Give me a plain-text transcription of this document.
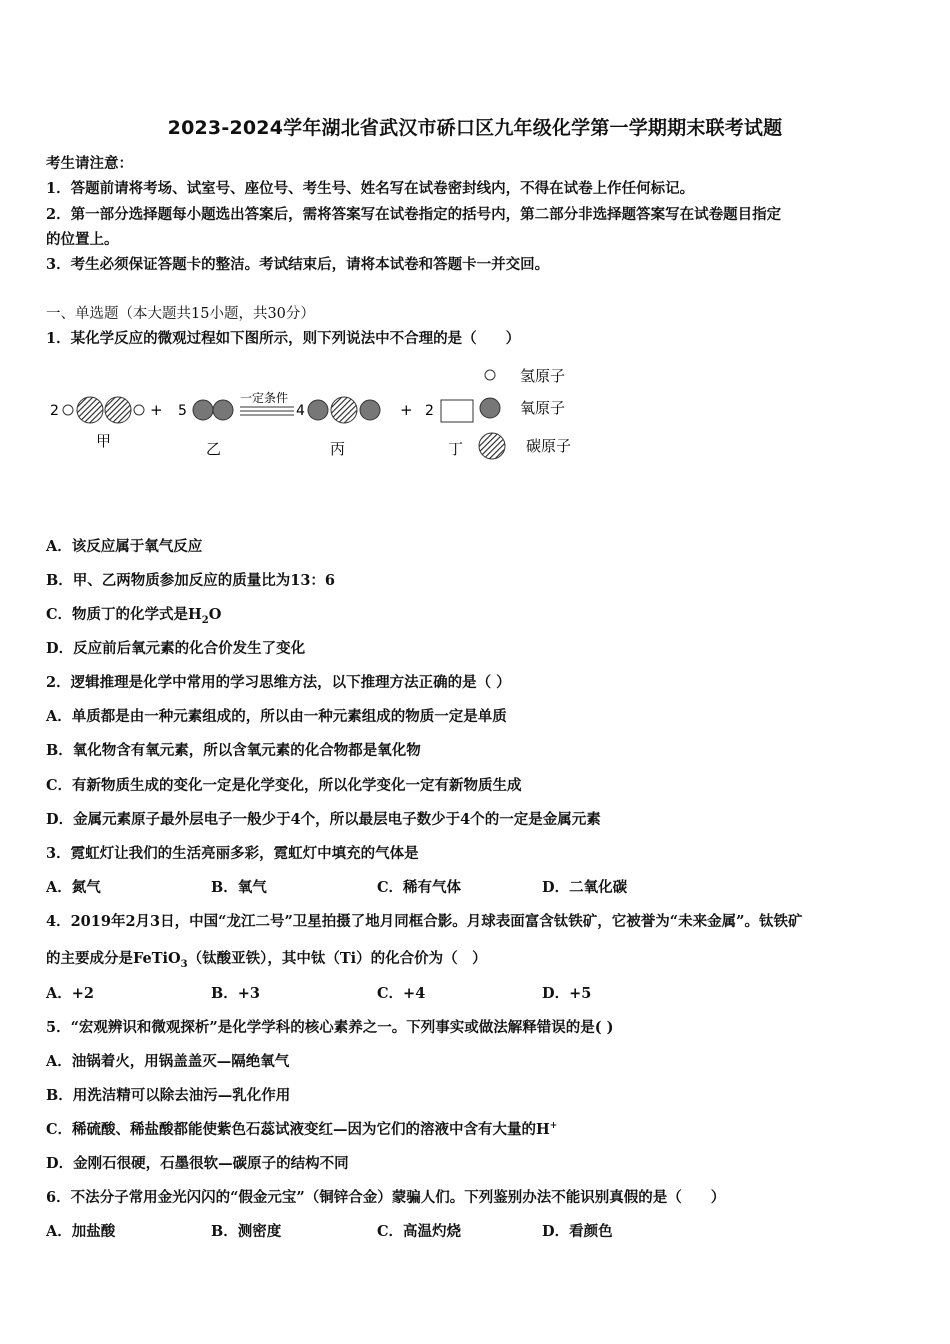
2023-2024学年湖北省武汉市硚口区九年级化学第一学期期末联考试题
考生请注意：
1．答题前请将考场、试室号、座位号、考生号、姓名写在试卷密封线内，不得在试卷上作任何标记。
2．第一部分选择题每小题选出答案后，需将答案写在试卷指定的括号内，第二部分非选择题答案写在试卷题目指定
的位置上。
3．考生必须保证答题卡的整洁。考试结束后，请将本试卷和答题卡一并交回。
一、单选题（本大题共15小题，共30分）
1．某化学反应的微观过程如下图所示，则下列说法中不合理的是（　　）
2	+
甲
5
乙
一定条件
4
丙
+ 2
丁
氢原子
氧原子
碳原子
A．该反应属于氧气反应
B．甲、乙两物质参加反应的质量比为13：6
C．物质丁的化学式是$H_2O$
D．反应前后氧元素的化合价发生了变化
2．逻辑推理是化学中常用的学习思维方法，以下推理方法正确的是（ ）
A．单质都是由一种元素组成的，所以由一种元素组成的物质一定是单质
B．氧化物含有氧元素，所以含氧元素的化合物都是氧化物
C．有新物质生成的变化一定是化学变化，所以化学变化一定有新物质生成
D．金属元素原子最外层电子一般少于4个，所以最层电子数少于4个的一定是金属元素
3．霓虹灯让我们的生活亮丽多彩，霓虹灯中填充的气体是
A．氮气	B．氧气	C．稀有气体	D．二氧化碳
4．2019年2月3日，中国“龙江二号”卫星拍摄了地月同框合影。月球表面富含钛铁矿，它被誉为“未来金属”。钛铁矿
的主要成分是FeTiO$_3$（钛酸亚铁），其中钛（Ti）的化合价为（　）
A．+2	B．+3	C．+4	D．+5
5．“宏观辨识和微观探析”是化学学科的核心素养之一。下列事实或做法解释错误的是( )
A．油锅着火，用锅盖盖灭—隔绝氧气
B．用洗洁精可以除去油污—乳化作用
C．稀硫酸、稀盐酸都能使紫色石蕊试液变红—因为它们的溶液中含有大量的H+
D．金刚石很硬，石墨很软—碳原子的结构不同
6．不法分子常用金光闪闪的“假金元宝”（铜锌合金）蒙骗人们。下列鉴别办法不能识别真假的是（　　）
A．加盐酸	B．测密度	C．高温灼烧	D．看颜色
